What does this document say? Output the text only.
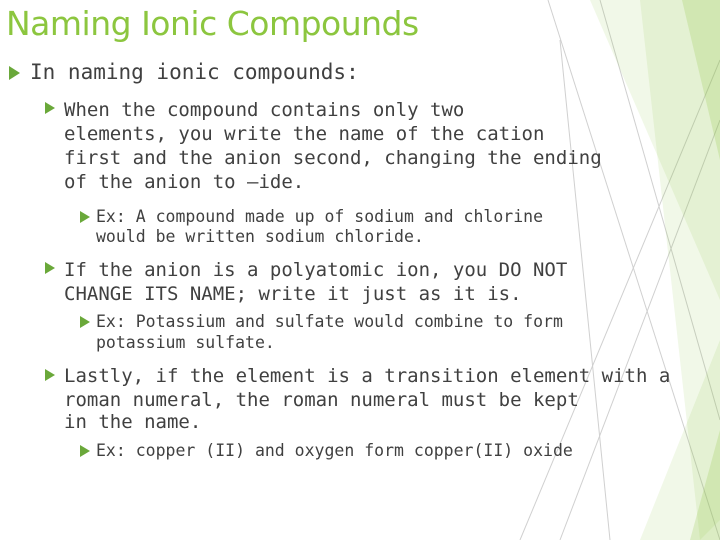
Naming Ionic Compounds
In naming ionic compounds:
When the compound contains only two
elements, you write the name of the cation
first and the anion second, changing the ending
of the anion to –ide.
Ex: A compound made up of sodium and chlorine
would be written sodium chloride.
If the anion is a polyatomic ion, you DO NOT
CHANGE ITS NAME; write it just as it is.
Ex: Potassium and sulfate would combine to form
potassium sulfate.
Lastly, if the element is a transition element with a
roman numeral, the roman numeral must be kept
in the name.
Ex: copper (II) and oxygen form copper(II) oxide
